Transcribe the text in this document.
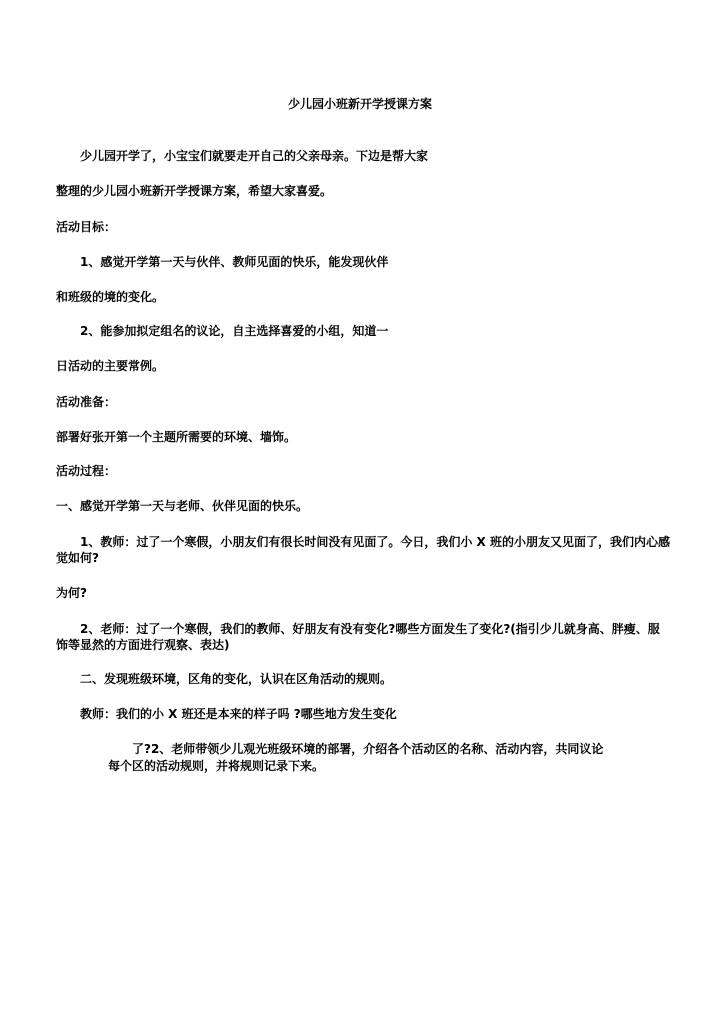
少儿园小班新开学授课方案
少儿园开学了，小宝宝们就要走开自己的父亲母亲。下边是帮大家
整理的少儿园小班新开学授课方案，希望大家喜爱。
活动目标：
1、感觉开学第一天与伙伴、教师见面的快乐，能发现伙伴
和班级的境的变化。
2、能参加拟定组名的议论，自主选择喜爱的小组，知道一
日活动的主要常例。
活动准备：
部署好张开第一个主题所需要的环境、墙饰。
活动过程：
一、感觉开学第一天与老师、伙伴见面的快乐。
1、教师：过了一个寒假，小朋友们有很长时间没有见面了。今日，我们小 X 班的小朋友又见面了，我们内心感
觉如何?
为何?
2、老师：过了一个寒假，我们的教师、好朋友有没有变化?哪些方面发生了变化?(指引少儿就身高、胖瘦、服
饰等显然的方面进行观察、表达)
二、发现班级环境，区角的变化，认识在区角活动的规则。
教师：我们的小 X 班还是本来的样子吗 ?哪些地方发生变化
了?2、老师带领少儿观光班级环境的部署，介绍各个活动区的名称、活动内容，共同议论
每个区的活动规则，并将规则记录下来。
